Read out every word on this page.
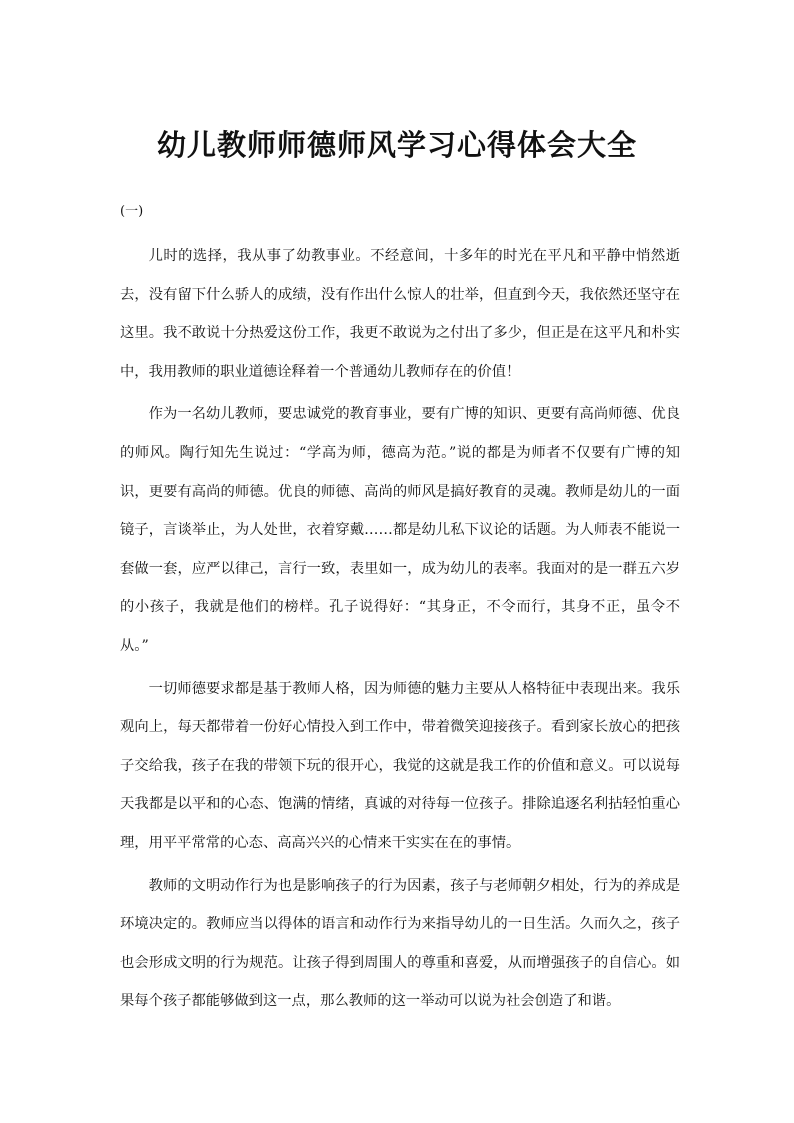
幼儿教师师德师风学习心得体会大全
(一)

儿时的选择，我从事了幼教事业。不经意间，十多年的时光在平凡和平静中悄然逝去，没有留下什么骄人的成绩，没有作出什么惊人的壮举，但直到今天，我依然还坚守在这里。我不敢说十分热爱这份工作，我更不敢说为之付出了多少，但正是在这平凡和朴实中，我用教师的职业道德诠释着一个普通幼儿教师存在的价值！

作为一名幼儿教师，要忠诚党的教育事业，要有广博的知识、更要有高尚师德、优良的师风。陶行知先生说过：“学高为师，德高为范。”说的都是为师者不仅要有广博的知识，更要有高尚的师德。优良的师德、高尚的师风是搞好教育的灵魂。教师是幼儿的一面镜子，言谈举止，为人处世，衣着穿戴……都是幼儿私下议论的话题。为人师表不能说一套做一套，应严以律己，言行一致，表里如一，成为幼儿的表率。我面对的是一群五六岁的小孩子，我就是他们的榜样。孔子说得好：“其身正，不令而行，其身不正，虽令不从。”

一切师德要求都是基于教师人格，因为师德的魅力主要从人格特征中表现出来。我乐观向上，每天都带着一份好心情投入到工作中，带着微笑迎接孩子。看到家长放心的把孩子交给我，孩子在我的带领下玩的很开心，我觉的这就是我工作的价值和意义。可以说每天我都是以平和的心态、饱满的情绪，真诚的对待每一位孩子。排除追逐名利拈轻怕重心理，用平平常常的心态、高高兴兴的心情来干实实在在的事情。

教师的文明动作行为也是影响孩子的行为因素，孩子与老师朝夕相处，行为的养成是环境决定的。教师应当以得体的语言和动作行为来指导幼儿的一日生活。久而久之，孩子也会形成文明的行为规范。让孩子得到周围人的尊重和喜爱，从而增强孩子的自信心。如果每个孩子都能够做到这一点，那么教师的这一举动可以说为社会创造了和谐。
